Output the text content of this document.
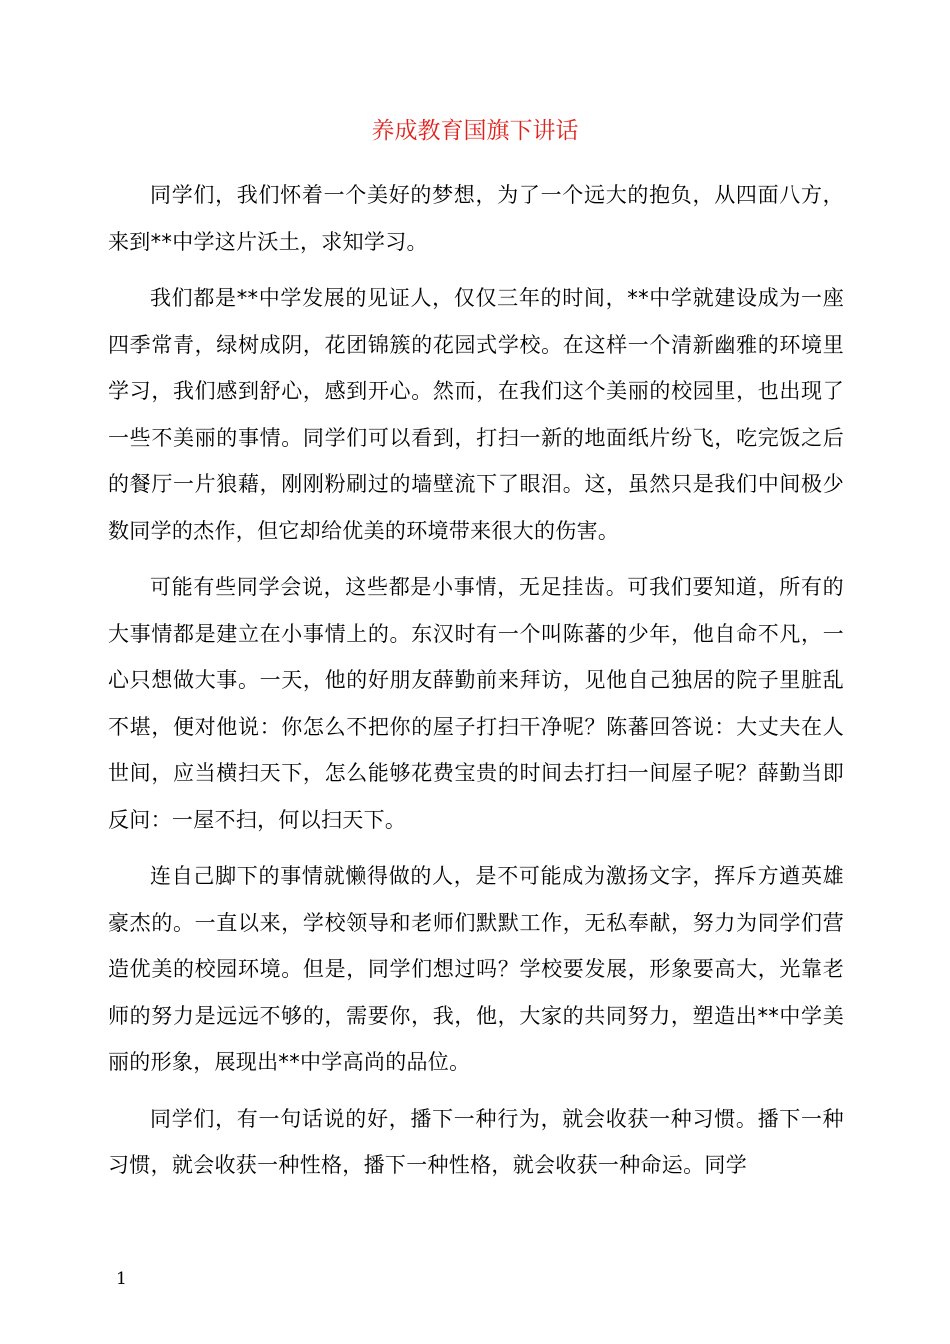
养成教育国旗下讲话

同学们，我们怀着一个美好的梦想，为了一个远大的抱负，从四面八方，来到**中学这片沃土，求知学习。

我们都是**中学发展的见证人，仅仅三年的时间，**中学就建设成为一座四季常青，绿树成阴，花团锦簇的花园式学校。在这样一个清新幽雅的环境里学习，我们感到舒心，感到开心。然而，在我们这个美丽的校园里，也出现了一些不美丽的事情。同学们可以看到，打扫一新的地面纸片纷飞，吃完饭之后的餐厅一片狼藉，刚刚粉刷过的墙壁流下了眼泪。这，虽然只是我们中间极少数同学的杰作，但它却给优美的环境带来很大的伤害。

可能有些同学会说，这些都是小事情，无足挂齿。可我们要知道，所有的大事情都是建立在小事情上的。东汉时有一个叫陈蕃的少年，他自命不凡，一心只想做大事。一天，他的好朋友薛勤前来拜访，见他自己独居的院子里脏乱不堪，便对他说：你怎么不把你的屋子打扫干净呢？陈蕃回答说：大丈夫在人世间，应当横扫天下，怎么能够花费宝贵的时间去打扫一间屋子呢？薛勤当即反问：一屋不扫，何以扫天下。

连自己脚下的事情就懒得做的人，是不可能成为激扬文字，挥斥方遒英雄豪杰的。一直以来，学校领导和老师们默默工作，无私奉献，努力为同学们营造优美的校园环境。但是，同学们想过吗？学校要发展，形象要高大，光靠老师的努力是远远不够的，需要你，我，他，大家的共同努力，塑造出**中学美丽的形象，展现出**中学高尚的品位。

同学们，有一句话说的好，播下一种行为，就会收获一种习惯。播下一种习惯，就会收获一种性格，播下一种性格，就会收获一种命运。同学

1
